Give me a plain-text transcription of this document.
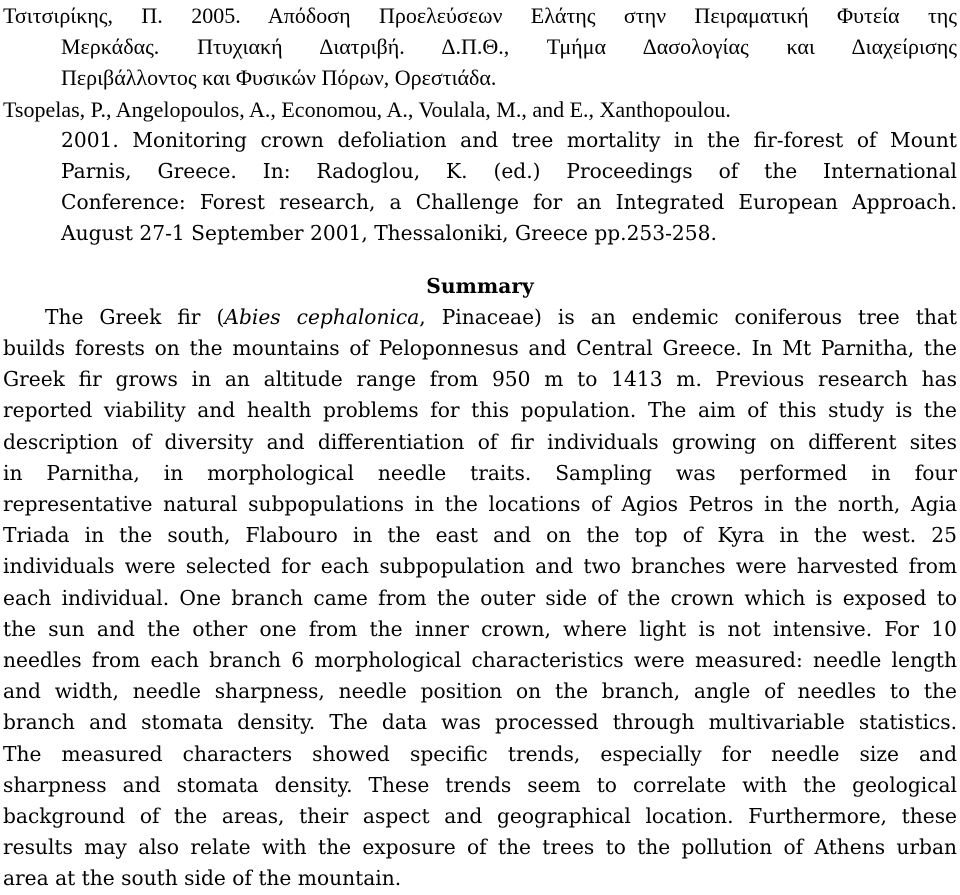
Τσιτσιρίκης, Π. 2005. Απόδοση Προελεύσεων Ελάτης στην Πειραματική Φυτεία της
Μερκάδας. Πτυχιακή Διατριβή. Δ.Π.Θ., Τμήμα Δασολογίας και Διαχείρισης
Περιβάλλοντος και Φυσικών Πόρων, Ορεστιάδα.
Tsopelas, P., Angelopoulos, A., Economou, A., Voulala, M., and E., Xanthopoulou.
2001. Monitoring crown defoliation and tree mortality in the fir-forest of Mount
Parnis, Greece. In: Radoglou, K. (ed.) Proceedings of the International
Conference: Forest research, a Challenge for an Integrated European Approach.
August 27-1 September 2001, Thessaloniki, Greece pp.253-258.
Summary
The Greek fir (Abies cephalonica, Pinaceae) is an endemic coniferous tree that
builds forests on the mountains of Peloponnesus and Central Greece. In Mt Parnitha, the
Greek fir grows in an altitude range from 950 m to 1413 m. Previous research has
reported viability and health problems for this population. The aim of this study is the
description of diversity and differentiation of fir individuals growing on different sites
in Parnitha, in morphological needle traits. Sampling was performed in four
representative natural subpopulations in the locations of Agios Petros in the north, Agia
Triada in the south, Flabouro in the east and on the top of Kyra in the west. 25
individuals were selected for each subpopulation and two branches were harvested from
each individual. One branch came from the outer side of the crown which is exposed to
the sun and the other one from the inner crown, where light is not intensive. For 10
needles from each branch 6 morphological characteristics were measured: needle length
and width, needle sharpness, needle position on the branch, angle of needles to the
branch and stomata density. The data was processed through multivariable statistics.
The measured characters showed specific trends, especially for needle size and
sharpness and stomata density. These trends seem to correlate with the geological
background of the areas, their aspect and geographical location. Furthermore, these
results may also relate with the exposure of the trees to the pollution of Athens urban
area at the south side of the mountain.
